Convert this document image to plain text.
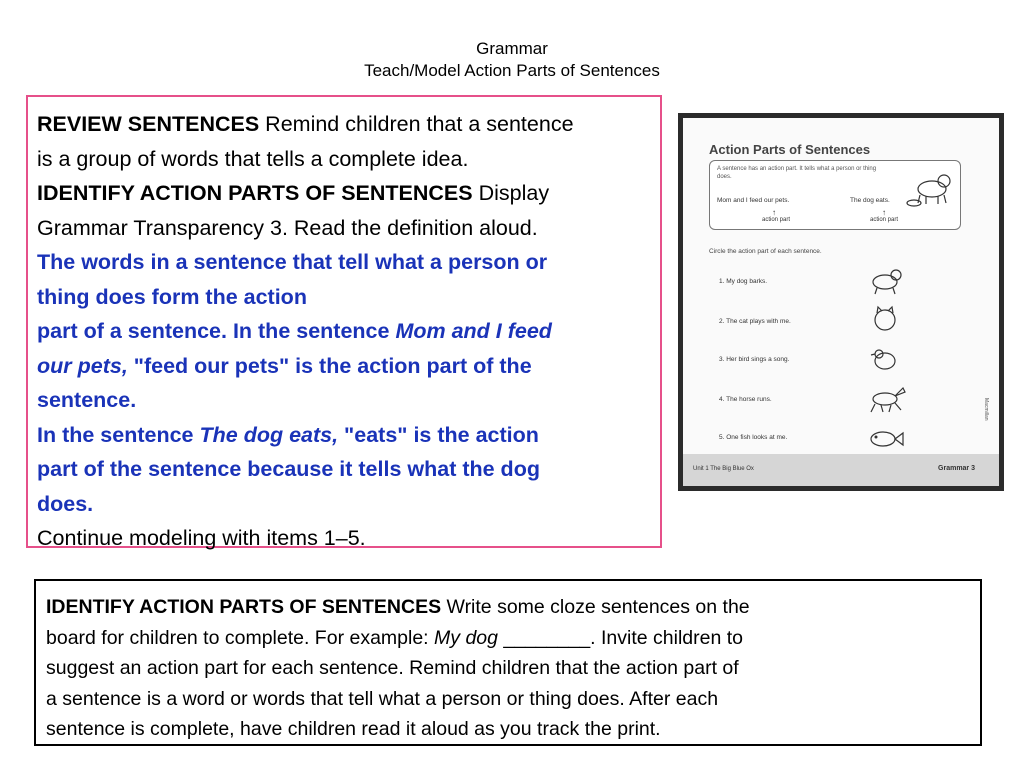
Grammar
Teach/Model Action Parts of Sentences

REVIEW SENTENCES Remind children that a sentence

is a group of words that tells a complete idea.

IDENTIFY ACTION PARTS OF SENTENCES Display

Grammar Transparency 3. Read the definition aloud.

The words in a sentence that tell what a person or

thing does form the action

part of a sentence. In the sentence Mom and I feed

our pets, "feed our pets" is the action part of the

sentence.

In the sentence The dog eats, "eats" is the action

part of the sentence because it tells what the dog

does.

Continue modeling with items 1–5.

Action Parts of Sentences
A sentence has an action part. It tells what a person or thing does.
Mom and I feed our pets.	The dog eats.
↑	↑
action part	action part
Circle the action part of each sentence.
1. My dog barks.
2. The cat plays with me.
3. Her bird sings a song.
4. The horse runs.
5. One fish looks at me.
Macmillan
Unit 1 The Big Blue Ox	Grammar 3

IDENTIFY ACTION PARTS OF SENTENCES Write some cloze sentences on the

board for children to complete. For example: My dog ________. Invite children to

suggest an action part for each sentence. Remind children that the action part of

a sentence is a word or words that tell what a person or thing does. After each

sentence is complete, have children read it aloud as you track the print.
